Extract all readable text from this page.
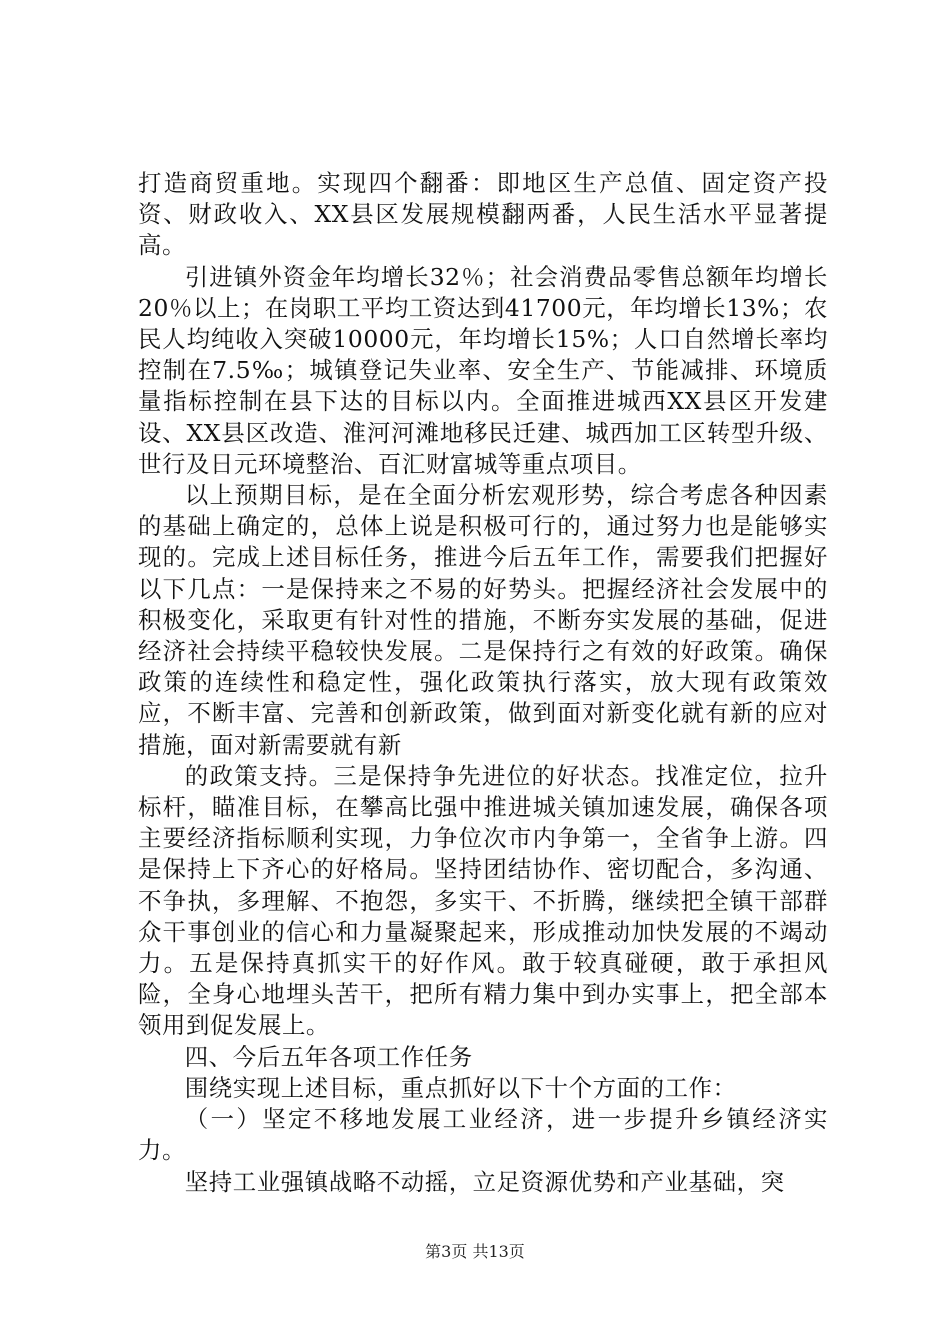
打造商贸重地。实现四个翻番：即地区生产总值、固定资产投资、财政收入、XX县区发展规模翻两番，人民生活水平显著提高。

引进镇外资金年均增长32％；社会消费品零售总额年均增长20％以上；在岗职工平均工资达到41700元，年均增长13%；农民人均纯收入突破10000元，年均增长15%；人口自然增长率均控制在7.5‰；城镇登记失业率、安全生产、节能减排、环境质量指标控制在县下达的目标以内。全面推进城西XX县区开发建设、XX县区改造、淮河河滩地移民迁建、城西加工区转型升级、世行及日元环境整治、百汇财富城等重点项目。

以上预期目标，是在全面分析宏观形势，综合考虑各种因素的基础上确定的，总体上说是积极可行的，通过努力也是能够实现的。完成上述目标任务，推进今后五年工作，需要我们把握好以下几点：一是保持来之不易的好势头。把握经济社会发展中的积极变化，采取更有针对性的措施，不断夯实发展的基础，促进经济社会持续平稳较快发展。二是保持行之有效的好政策。确保政策的连续性和稳定性，强化政策执行落实，放大现有政策效应，不断丰富、完善和创新政策，做到面对新变化就有新的应对措施，面对新需要就有新

的政策支持。三是保持争先进位的好状态。找准定位，拉升标杆，瞄准目标，在攀高比强中推进城关镇加速发展，确保各项主要经济指标顺利实现，力争位次市内争第一，全省争上游。四是保持上下齐心的好格局。坚持团结协作、密切配合，多沟通、不争执，多理解、不抱怨，多实干、不折腾，继续把全镇干部群众干事创业的信心和力量凝聚起来，形成推动加快发展的不竭动力。五是保持真抓实干的好作风。敢于较真碰硬，敢于承担风险，全身心地埋头苦干，把所有精力集中到办实事上，把全部本领用到促发展上。

四、今后五年各项工作任务

围绕实现上述目标，重点抓好以下十个方面的工作：

（一）坚定不移地发展工业经济，进一步提升乡镇经济实力。

坚持工业强镇战略不动摇，立足资源优势和产业基础，突

第3页 共13页
